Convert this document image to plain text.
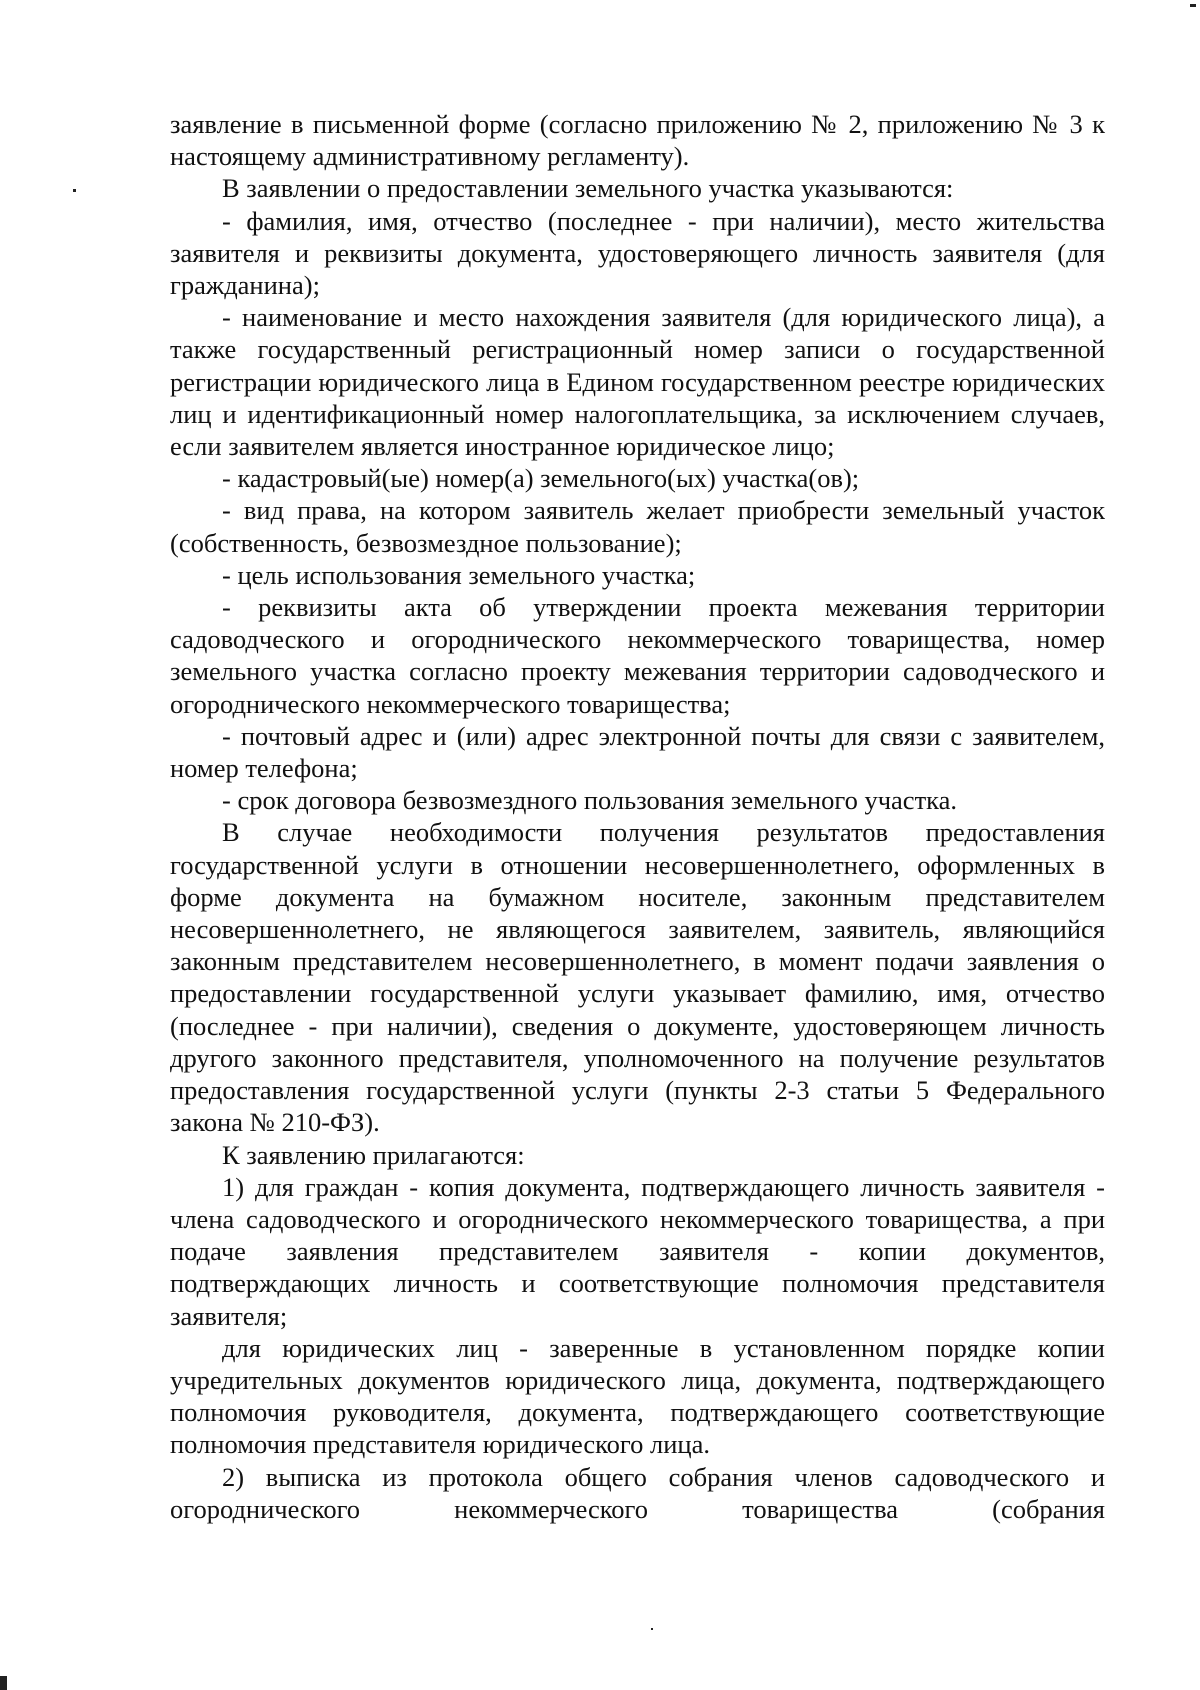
заявление в письменной форме (согласно приложению № 2, приложению № 3 к настоящему административному регламенту).

В заявлении о предоставлении земельного участка указываются:

- фамилия, имя, отчество (последнее - при наличии), место жительства заявителя и реквизиты документа, удостоверяющего личность заявителя (для гражданина);

- наименование и место нахождения заявителя (для юридического лица), а также государственный регистрационный номер записи о государственной регистрации юридического лица в Едином государственном реестре юридических лиц и идентификационный номер налогоплательщика, за исключением случаев, если заявителем является иностранное юридическое лицо;

- кадастровый(ые) номер(а) земельного(ых) участка(ов);

- вид права, на котором заявитель желает приобрести земельный участок (собственность, безвозмездное пользование);

- цель использования земельного участка;

- реквизиты акта об утверждении проекта межевания территории садоводческого и огороднического некоммерческого товарищества, номер земельного участка согласно проекту межевания территории садоводческого и огороднического некоммерческого товарищества;

- почтовый адрес и (или) адрес электронной почты для связи с заявителем, номер телефона;

- срок договора безвозмездного пользования земельного участка.

В случае необходимости получения результатов предоставления государственной услуги в отношении несовершеннолетнего, оформленных в форме документа на бумажном носителе, законным представителем несовершеннолетнего, не являющегося заявителем, заявитель, являющийся законным представителем несовершеннолетнего, в момент подачи заявления о предоставлении государственной услуги указывает фамилию, имя, отчество (последнее - при наличии), сведения о документе, удостоверяющем личность другого законного представителя, уполномоченного на получение результатов предоставления государственной услуги (пункты 2-3 статьи 5 Федерального закона № 210-ФЗ).

К заявлению прилагаются:

1) для граждан - копия документа, подтверждающего личность заявителя - члена садоводческого и огороднического некоммерческого товарищества, а при подаче заявления представителем заявителя - копии документов, подтверждающих личность и соответствующие полномочия представителя заявителя;

для юридических лиц - заверенные в установленном порядке копии учредительных документов юридического лица, документа, подтверждающего полномочия руководителя, документа, подтверждающего соответствующие полномочия представителя юридического лица.

2) выписка из протокола общего собрания членов садоводческого и огороднического некоммерческого товарищества (собрания
